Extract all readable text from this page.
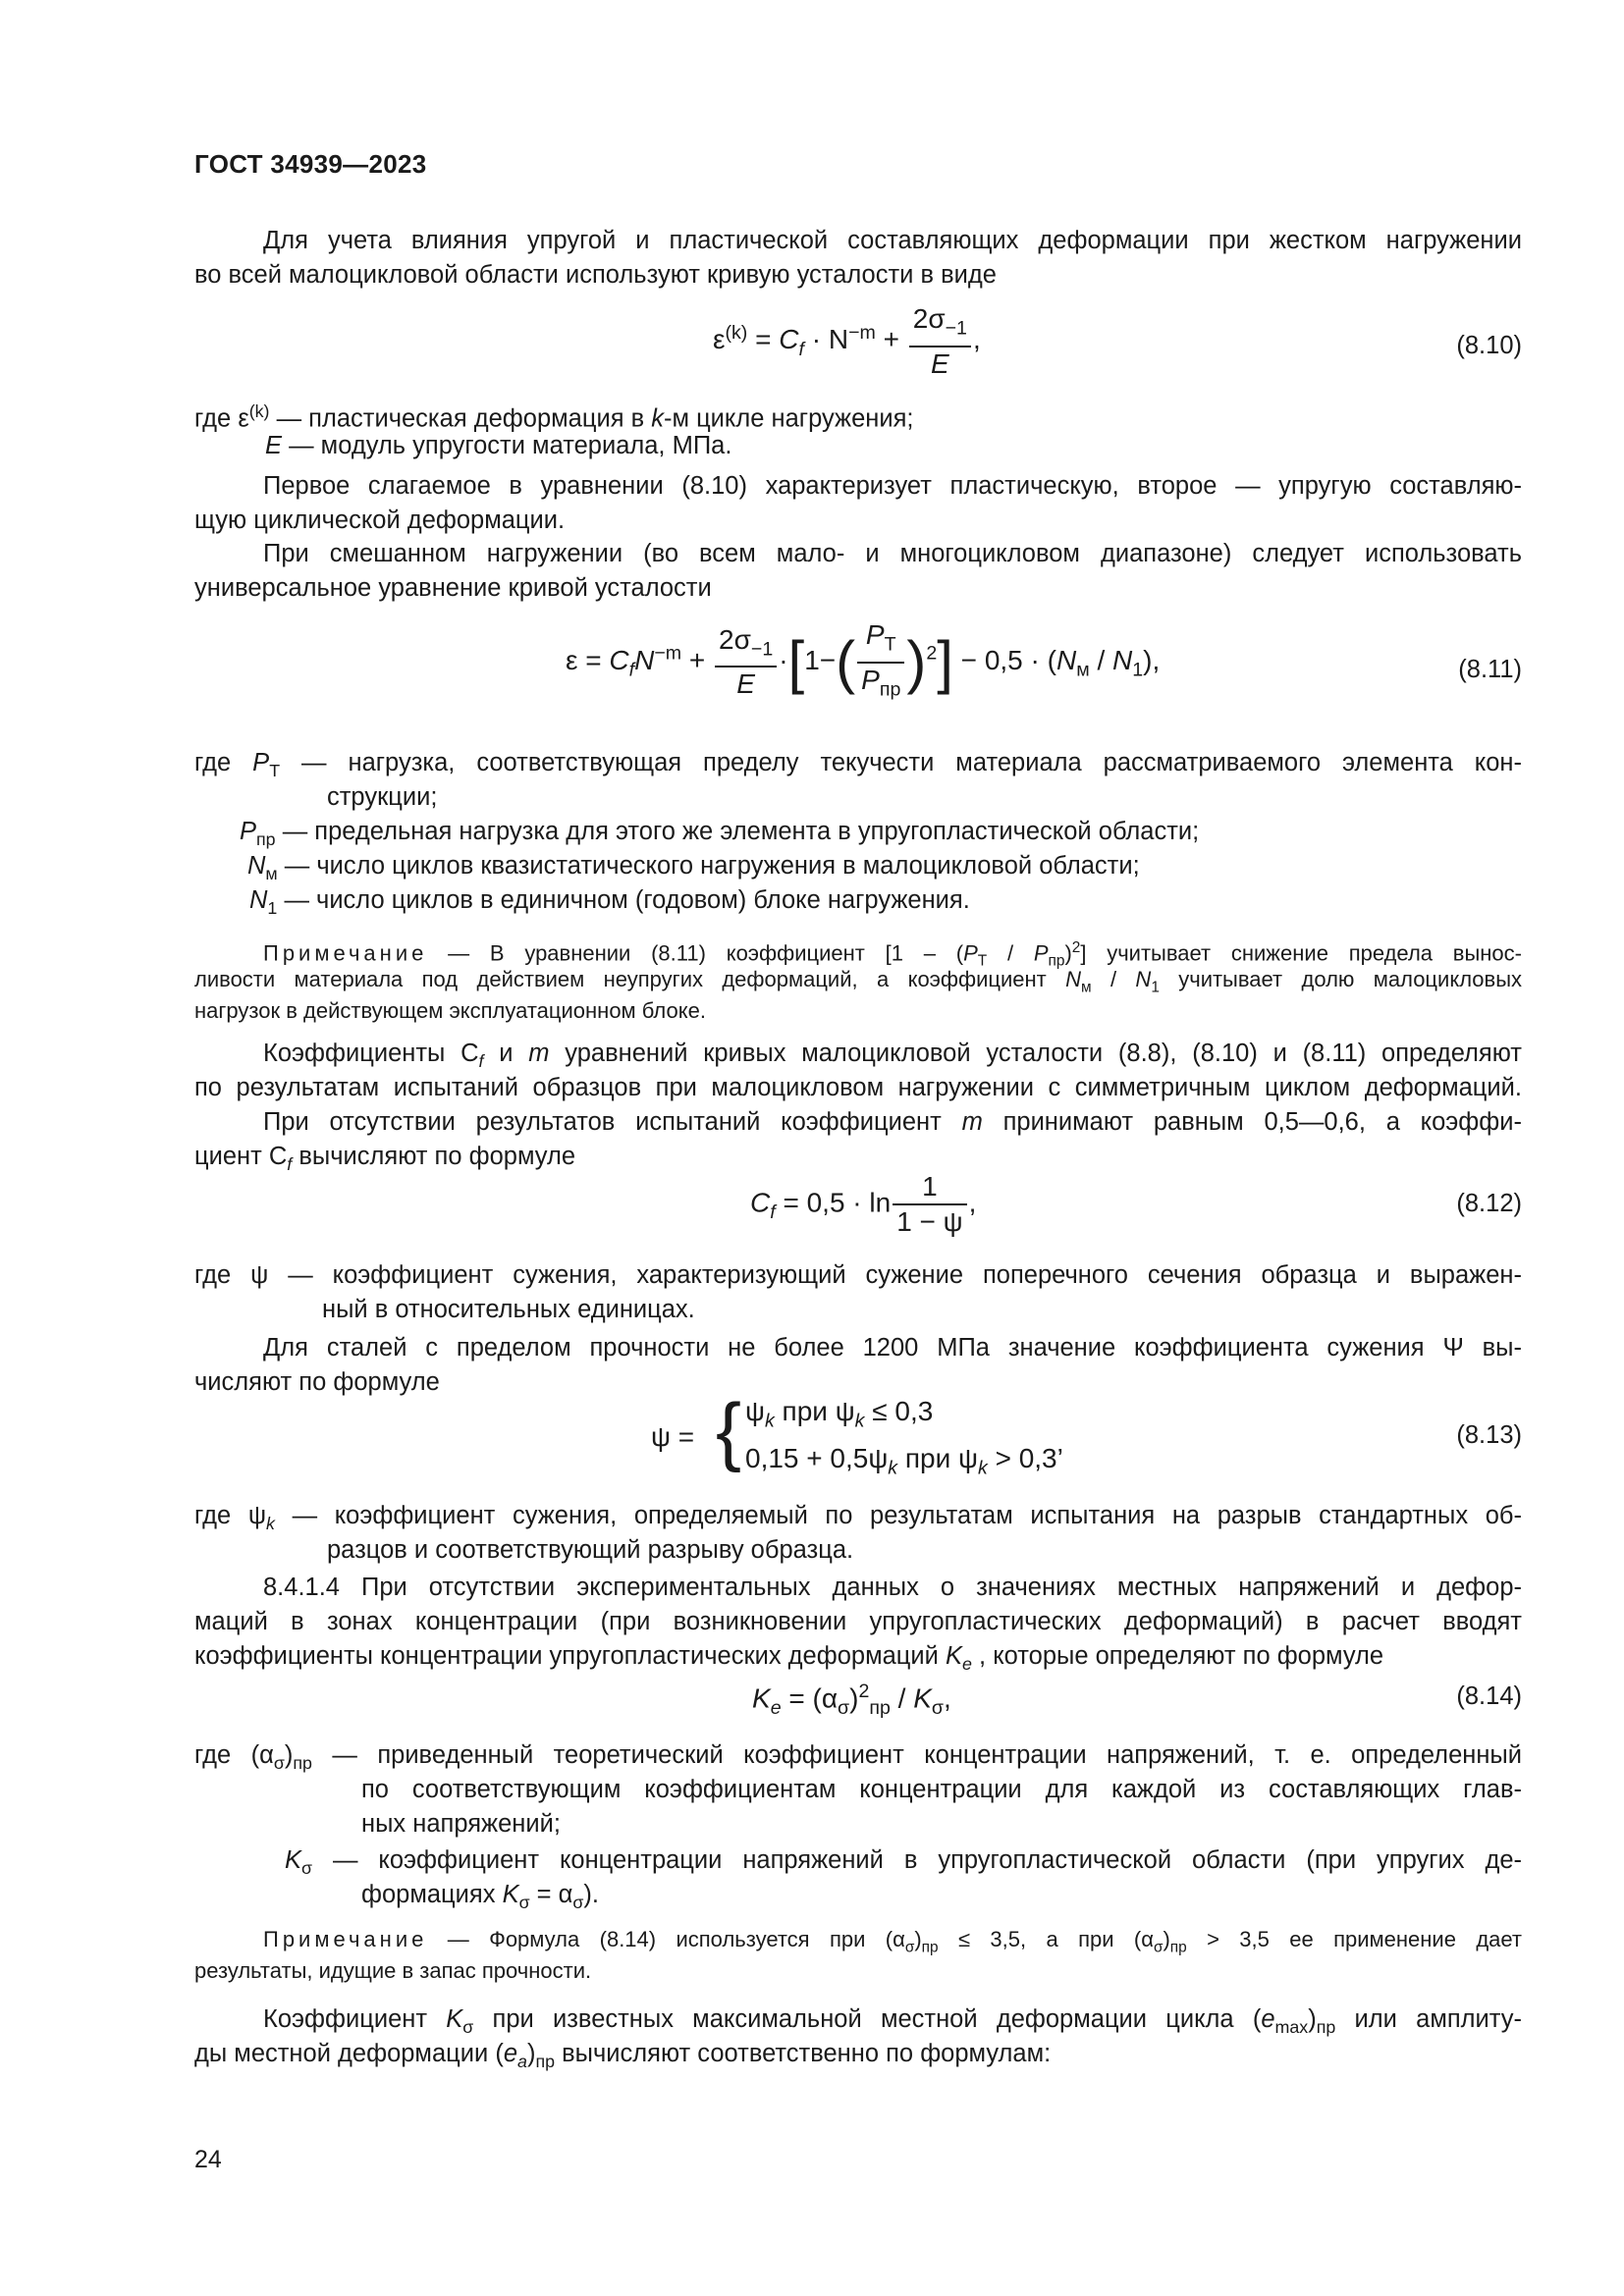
ГОСТ 34939—2023
Для учета влияния упругой и пластической составляющих деформации при жестком нагружении
во всей малоцикловой области используют кривую усталости в виде
$\varepsilon^{(k)} = C_f \cdot N^{-m} + \frac{2\sigma_{-1}}{E}$ ,	(8.10)
где $\varepsilon^{(k)}$ — пластическая деформация в k-м цикле нагружения;
E — модуль упругости материала, МПа.
Первое слагаемое в уравнении (8.10) характеризует пластическую, второе — упругую составляю-
щую циклической деформации.
При смешанном нагружении (во всем мало- и многоцикловом диапазоне) следует использовать
универсальное уравнение кривой усталости
$\varepsilon = C_fN^{-m} + \frac{2\sigma_{-1}}{E} \cdot[1-( \frac{P_Т}{P_{пр}} )^2] - 0,5 \cdot (N_м / N_1)$,	(8.11)
где $P_Т$ — нагрузка, соответствующая пределу текучести материала рассматриваемого элемента кон-
струкции;
$P_{пр}$ — предельная нагрузка для этого же элемента в упругопластической области;
$N_м$ — число циклов квазистатического нагружения в малоцикловой области;
$N_1$ — число циклов в единичном (годовом) блоке нагружения.
Примечание — В уравнении (8.11) коэффициент $[1 - (P_Т / P_{пр})^2]$ учитывает снижение предела вынос-
ливости материала под действием неупругих деформаций, а коэффициент $N_м / N_1$ учитывает долю малоцикловых
нагрузок в действующем эксплуатационном блоке.
Коэффициенты $С_f$ и m уравнений кривых малоцикловой усталости (8.8), (8.10) и (8.11) определяют
по результатам испытаний образцов при малоцикловом нагружении с симметричным циклом деформаций.
При отсутствии результатов испытаний коэффициент m принимают равным 0,5—0,6, а коэффи-
циент $С_f$ вычисляют по формуле
$C_f = 0,5 \cdot \ln \frac{1}{1 - \psi}$ ,	(8.12)
где ψ — коэффициент сужения, характеризующий сужение поперечного сечения образца и выражен-
ный в относительных единицах.
Для сталей с пределом прочности не более 1200 МПа значение коэффициента сужения Ψ вы-
числяют по формуле
ψ = { $\psi_k$ при $\psi_k \le 0,3$
$0,15 + 0,5\psi_k$ при $\psi_k > 0,3$’
(8.13)
где $\psi_k$ — коэффициент сужения, определяемый по результатам испытания на разрыв стандартных об-
разцов и соответствующий разрыву образца.
8.4.1.4 При отсутствии экспериментальных данных о значениях местных напряжений и дефор-
маций в зонах концентрации (при возникновении упругопластических деформаций) в расчет вводят
коэффициенты концентрации упругопластических деформаций $K_e$ , которые определяют по формуле
$K_e = (\alpha_\sigma)^2_{пр} / K_\sigma$,	(8.14)
где $(\alpha_\sigma)_{пр}$ — приведенный теоретический коэффициент концентрации напряжений, т. е. определенный
по соответствующим коэффициентам концентрации для каждой из составляющих глав-
ных напряжений;
$K_\sigma$ — коэффициент концентрации напряжений в упругопластической области (при упругих де-
формациях $K_\sigma = \alpha_\sigma$).
Примечание — Формула (8.14) используется при $(\alpha_\sigma)_{пр} \le 3,5$, а при $(\alpha_\sigma)_{пр} > 3,5$ ее применение дает
результаты, идущие в запас прочности.
Коэффициент $K_\sigma$ при известных максимальной местной деформации цикла $(e_{max})_{пр}$ или амплиту-
ды местной деформации $(e_a)_{пр}$ вычисляют соответственно по формулам:
24
